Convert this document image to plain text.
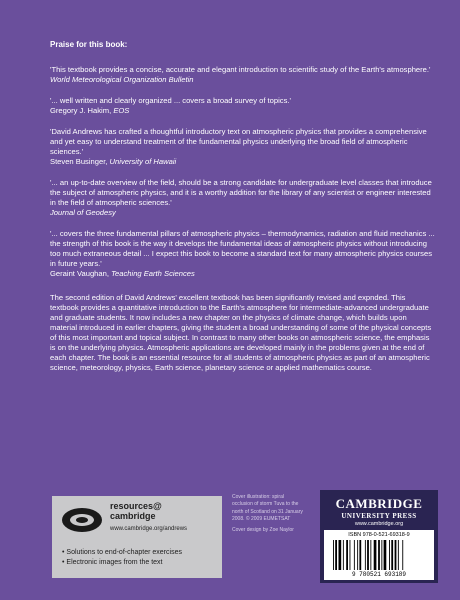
Praise for this book:

'This textbook provides a concise, accurate and elegant introduction to scientific study of the Earth's atmosphere.'

World Meteorological Organization Bulletin

'... well written and clearly organized ... covers a broad survey of topics.'

Gregory J. Hakim, EOS

'David Andrews has crafted a thoughtful introductory text on atmospheric physics that provides a comprehensive and yet easy to understand treatment of the fundamental physics underlying the broad field of atmospheric sciences.'

Steven Businger, University of Hawaii

'... an up-to-date overview of the field, should be a strong candidate for undergraduate level classes that introduce the subject of atmospheric physics, and it is a worthy addition for the library of any scientist or engineer interested in the field of atmospheric sciences.'

Journal of Geodesy

'... covers the three fundamental pillars of atmospheric physics – thermodynamics, radiation and fluid mechanics ... the strength of this book is the way it develops the fundamental ideas of atmospheric physics without introducing too much extraneous detail ... I expect this book to become a standard text for many atmospheric physics courses in future years.'

Geraint Vaughan, Teaching Earth Sciences

The second edition of David Andrews' excellent textbook has been significantly revised and expnded. This textbook provides a quantitative introduction to the Earth's atmosphere for intermediate-advanced undergraduate and graduate students. It now includes a new chapter on the physics of climate change, which builds upon material introduced in earlier chapters, giving the student a broad understanding of some of the physical concepts of this most important and topical subject. In contrast to many other books on atmospheric science, the emphasis is on the underlying physics. Atmospheric applications are developed mainly in the problems given at the end of each chapter. The book is an essential resource for all students of atmospheric physics as part of an atmospheric science, meteorology, physics, Earth science, planetary science or applied mathematics course.

resources@
cambridge
www.cambridge.org/andrews
• Solutions to end-of-chapter exercises
• Electronic images from the text

Cover illustration: spiral occlusion of storm Tuva to the north of Scotland on 31 January 2008. © 2009 EUMETSAT

Cover design by Zoe Naylor

CAMBRIDGE
UNIVERSITY PRESS
www.cambridge.org
ISBN 978-0-521-69318-9
9 780521 693189
